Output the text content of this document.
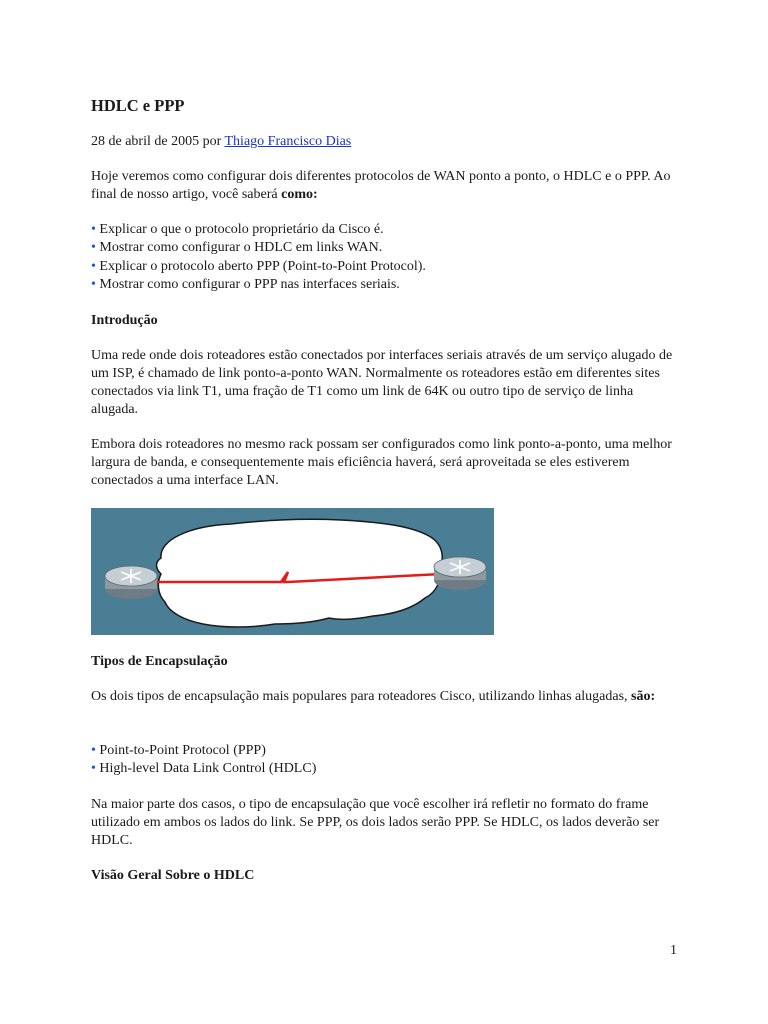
HDLC e PPP

28 de abril de 2005 por Thiago Francisco Dias

Hoje veremos como configurar dois diferentes protocolos de WAN ponto a ponto, o HDLC e o PPP. Ao final de nosso artigo, você saberá como:

• Explicar o que o protocolo proprietário da Cisco é.
• Mostrar como configurar o HDLC em links WAN.
• Explicar o protocolo aberto PPP (Point-to-Point Protocol).
• Mostrar como configurar o PPP nas interfaces seriais.
Introdução

Uma rede onde dois roteadores estão conectados por interfaces seriais através de um serviço alugado de um ISP, é chamado de link ponto-a-ponto WAN. Normalmente os roteadores estão em diferentes sites conectados via link T1, uma fração de T1 como um link de 64K ou outro tipo de serviço de linha alugada.

Embora dois roteadores no mesmo rack possam ser configurados como link ponto-a-ponto, uma melhor largura de banda, e consequentemente mais eficiência haverá, será aproveitada se eles estiverem conectados a uma interface LAN.

Tipos de Encapsulação

Os dois tipos de encapsulação mais populares para roteadores Cisco, utilizando linhas alugadas, são:

• Point-to-Point Protocol (PPP)
• High-level Data Link Control (HDLC)

Na maior parte dos casos, o tipo de encapsulação que você escolher irá refletir no formato do frame utilizado em ambos os lados do link. Se PPP, os dois lados serão PPP. Se HDLC, os lados deverão ser HDLC.

Visão Geral Sobre o HDLC
1
